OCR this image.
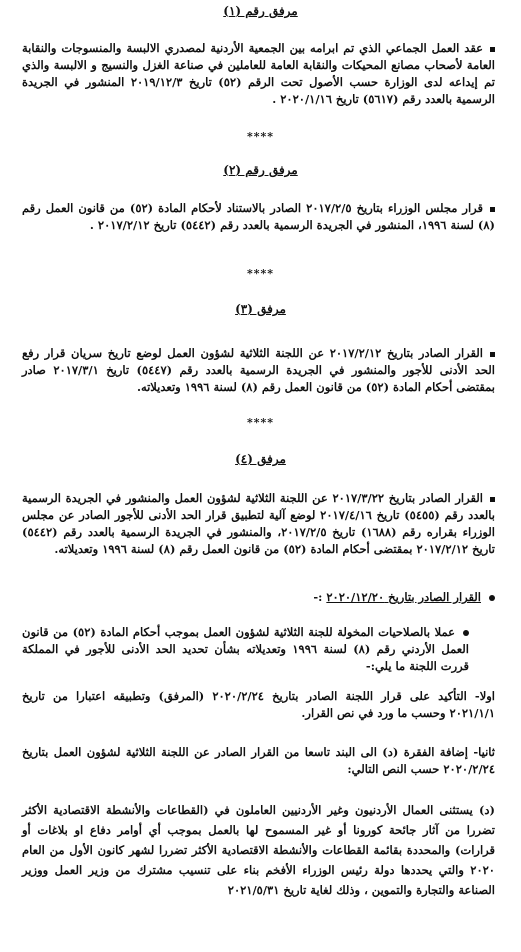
مرفق رقم (١)
عقد العمل الجماعي الذي تم ابرامه بين الجمعية الأردنية لمصدري الالبسة والمنسوجات والنقابة العامة لأصحاب مصانع المحيكات والنقابة العامة للعاملين في صناعة الغزل والنسيج و الالبسة والذي تم إيداعه لدى الوزارة حسب الأصول تحت الرقم (٥٢) تاريخ ٢٠١٩/١٢/٣ المنشور في الجريدة الرسمية بالعدد رقم (٥٦١٧) تاريخ ٢٠٢٠/١/١٦ .
****
مرفق رقم (٢)
قرار مجلس الوزراء بتاريخ ٢٠١٧/٢/٥ الصادر بالاستناد لأحكام المادة (٥٢) من قانون العمل رقم (٨) لسنة ١٩٩٦، المنشور في الجريدة الرسمية بالعدد رقم (٥٤٤٢) تاريخ ٢٠١٧/٢/١٢ .
****
مرفق (٣)
القرار الصادر بتاريخ ٢٠١٧/٢/١٢ عن اللجنة الثلاثية لشؤون العمل لوضع تاريخ سريان قرار رفع الحد الأدنى للأجور والمنشور في الجريدة الرسمية بالعدد رقم (٥٤٤٧) تاريخ ٢٠١٧/٣/١ صادر بمقتضى أحكام المادة (٥٢) من قانون العمل رقم (٨) لسنة ١٩٩٦ وتعديلاته.
****
مرفق (٤)
القرار الصادر بتاريخ ٢٠١٧/٣/٢٢ عن اللجنة الثلاثية لشؤون العمل والمنشور في الجريدة الرسمية بالعدد رقم (٥٤٥٥) تاريخ ٢٠١٧/٤/١٦ لوضع آلية لتطبيق قرار الحد الأدنى للأجور الصادر عن مجلس الوزراء بقراره رقم (١٦٨٨) تاريخ ٢٠١٧/٢/٥، والمنشور في الجريدة الرسمية بالعدد رقم (٥٤٤٢) تاريخ ٢٠١٧/٢/١٢ بمقتضى أحكام المادة (٥٢) من قانون العمل رقم (٨) لسنة ١٩٩٦ وتعديلاته.
القرار الصادر بتاريخ ٢٠٢٠/١٢/٢٠ :-
عملا بالصلاحيات المخولة للجنة الثلاثية لشؤون العمل بموجب أحكام المادة (٥٢) من قانون العمل الأردني رقم (٨) لسنة ١٩٩٦ وتعديلاته بشأن تحديد الحد الأدنى للأجور في المملكة قررت اللجنة ما يلي:-
اولا- التأكيد على قرار اللجنة الصادر بتاريخ ٢٠٢٠/٢/٢٤ (المرفق) وتطبيقه اعتبارا من تاريخ ٢٠٢١/١/١ وحسب ما ورد في نص القرار.
ثانيا- إضافة الفقرة (د) الى البند تاسعا من القرار الصادر عن اللجنة الثلاثية لشؤون العمل بتاريخ ٢٠٢٠/٢/٢٤ حسب النص التالي:
(د) يستثنى العمال الأردنيون وغير الأردنيين العاملون في (القطاعات والأنشطة الاقتصادية الأكثر تضررا من آثار جائحة كورونا أو غير المسموح لها بالعمل بموجب أي أوامر دفاع او بلاغات أو قرارات) والمحددة بقائمة القطاعات والأنشطة الاقتصادية الأكثر تضررا لشهر كانون الأول من العام ٢٠٢٠ والتي يحددها دولة رئيس الوزراء الأفخم بناء على تنسيب مشترك من وزير العمل ووزير الصناعة والتجارة والتموين ، وذلك لغاية تاريخ ٢٠٢١/٥/٣١
